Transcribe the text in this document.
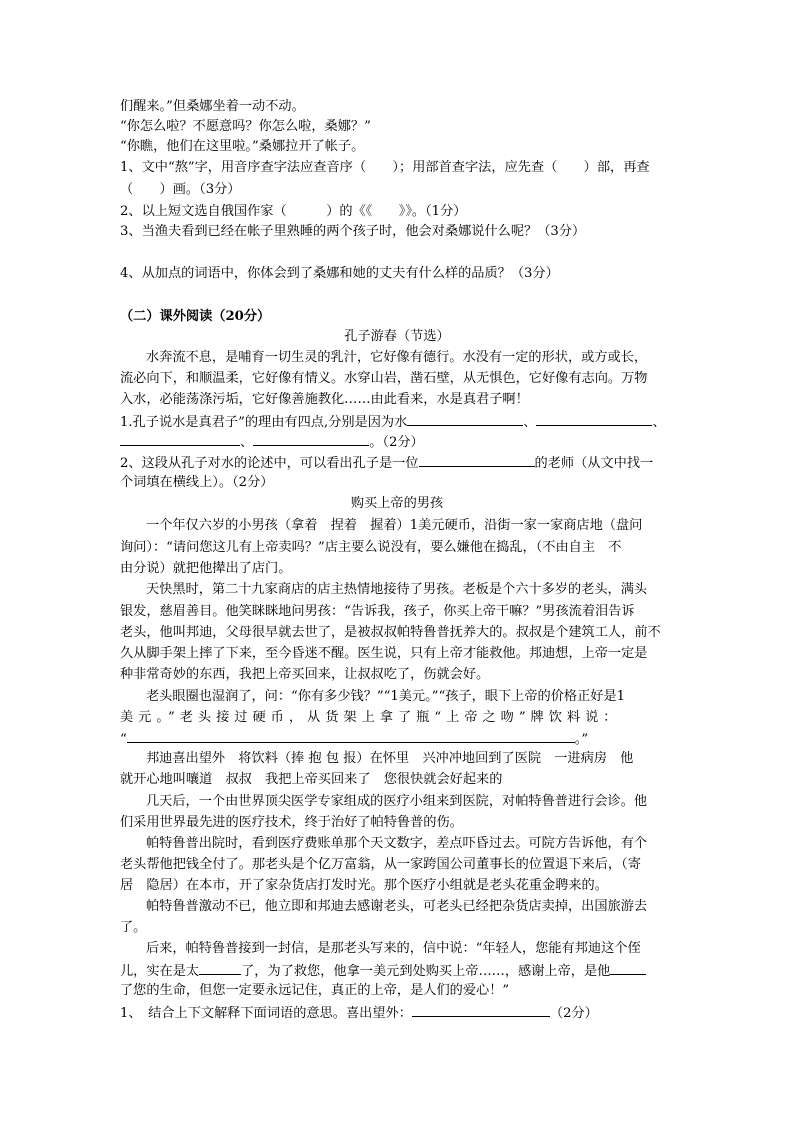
们醒来。”但桑娜坐着一动不动。
“你怎么啦？不愿意吗？你怎么啦，桑娜？”
“你瞧，他们在这里啦。”桑娜拉开了帐子。
1、文中“熬”字，用音序查字法应查音序（　　）；用部首查字法，应先查（　　）部，再查
（　　）画。（3分）
2、以上短文选自俄国作家（　　　）的《《　　》》。（1分）
3、当渔夫看到已经在帐子里熟睡的两个孩子时，他会对桑娜说什么呢？（3分）
4、从加点的词语中，你体会到了桑娜和她的丈夫有什么样的品质？（3分）
（二）课外阅读（20分）
孔子游春（节选）
水奔流不息，是哺育一切生灵的乳汁，它好像有德行。水没有一定的形状，或方或长，
流必向下，和顺温柔，它好像有情义。水穿山岩，凿石壁，从无惧色，它好像有志向。万物
入水，必能荡涤污垢，它好像善施教化……由此看来，水是真君子啊！
1.孔子说水是真君子”的理由有四点,分别是因为水	、	、
、	。（2分）
2、这段从孔子对水的论述中，可以看出孔子是一位	的老师（从文中找一
个词填在横线上）。（2分）
购买上帝的男孩
一个年仅六岁的小男孩（拿着　捏着　握着）1美元硬币，沿街一家一家商店地（盘问
询问）：“请问您这儿有上帝卖吗？”店主要么说没有，要么嫌他在捣乱，（不由自主　不
由分说）就把他撵出了店门。
天快黑时，第二十九家商店的店主热情地接待了男孩。老板是个六十多岁的老头，满头
银发，慈眉善目。他笑眯眯地问男孩：“告诉我，孩子，你买上帝干嘛？”男孩流着泪告诉
老头，他叫邦迪，父母很早就去世了，是被叔叔帕特鲁普抚养大的。叔叔是个建筑工人，前不
久从脚手架上摔了下来，至今昏迷不醒。医生说，只有上帝才能救他。邦迪想，上帝一定是
种非常奇妙的东西，我把上帝买回来，让叔叔吃了，伤就会好。
老头眼圈也湿润了，问：“你有多少钱？”“1美元。”“孩子，眼下上帝的价格正好是1
美元。”老头接过硬币，从货架上拿了瓶“上帝之吻”牌饮料说：
“	。”
邦迪喜出望外　将饮料（捧 抱 包 报）在怀里　兴冲冲地回到了医院　一进病房　他
就开心地叫嚷道　叔叔　我把上帝买回来了　您很快就会好起来的
几天后，一个由世界顶尖医学专家组成的医疗小组来到医院，对帕特鲁普进行会诊。他
们采用世界最先进的医疗技术，终于治好了帕特鲁普的伤。
帕特鲁普出院时，看到医疗费账单那个天文数字，差点吓昏过去。可院方告诉他，有个
老头帮他把钱全付了。那老头是个亿万富翁，从一家跨国公司董事长的位置退下来后，（寄
居　隐居）在本市，开了家杂货店打发时光。那个医疗小组就是老头花重金聘来的。
帕特鲁普激动不已，他立即和邦迪去感谢老头，可老头已经把杂货店卖掉，出国旅游去
了。
后来，帕特鲁普接到一封信，是那老头写来的，信中说：“年轻人，您能有邦迪这个侄
儿，实在是太	了，为了救您，他拿一美元到处购买上帝……，感谢上帝，是他
了您的生命，但您一定要永远记住，真正的上帝，是人们的爱心！”
1、　结合上下文解释下面词语的意思。喜出望外：	（2分）
